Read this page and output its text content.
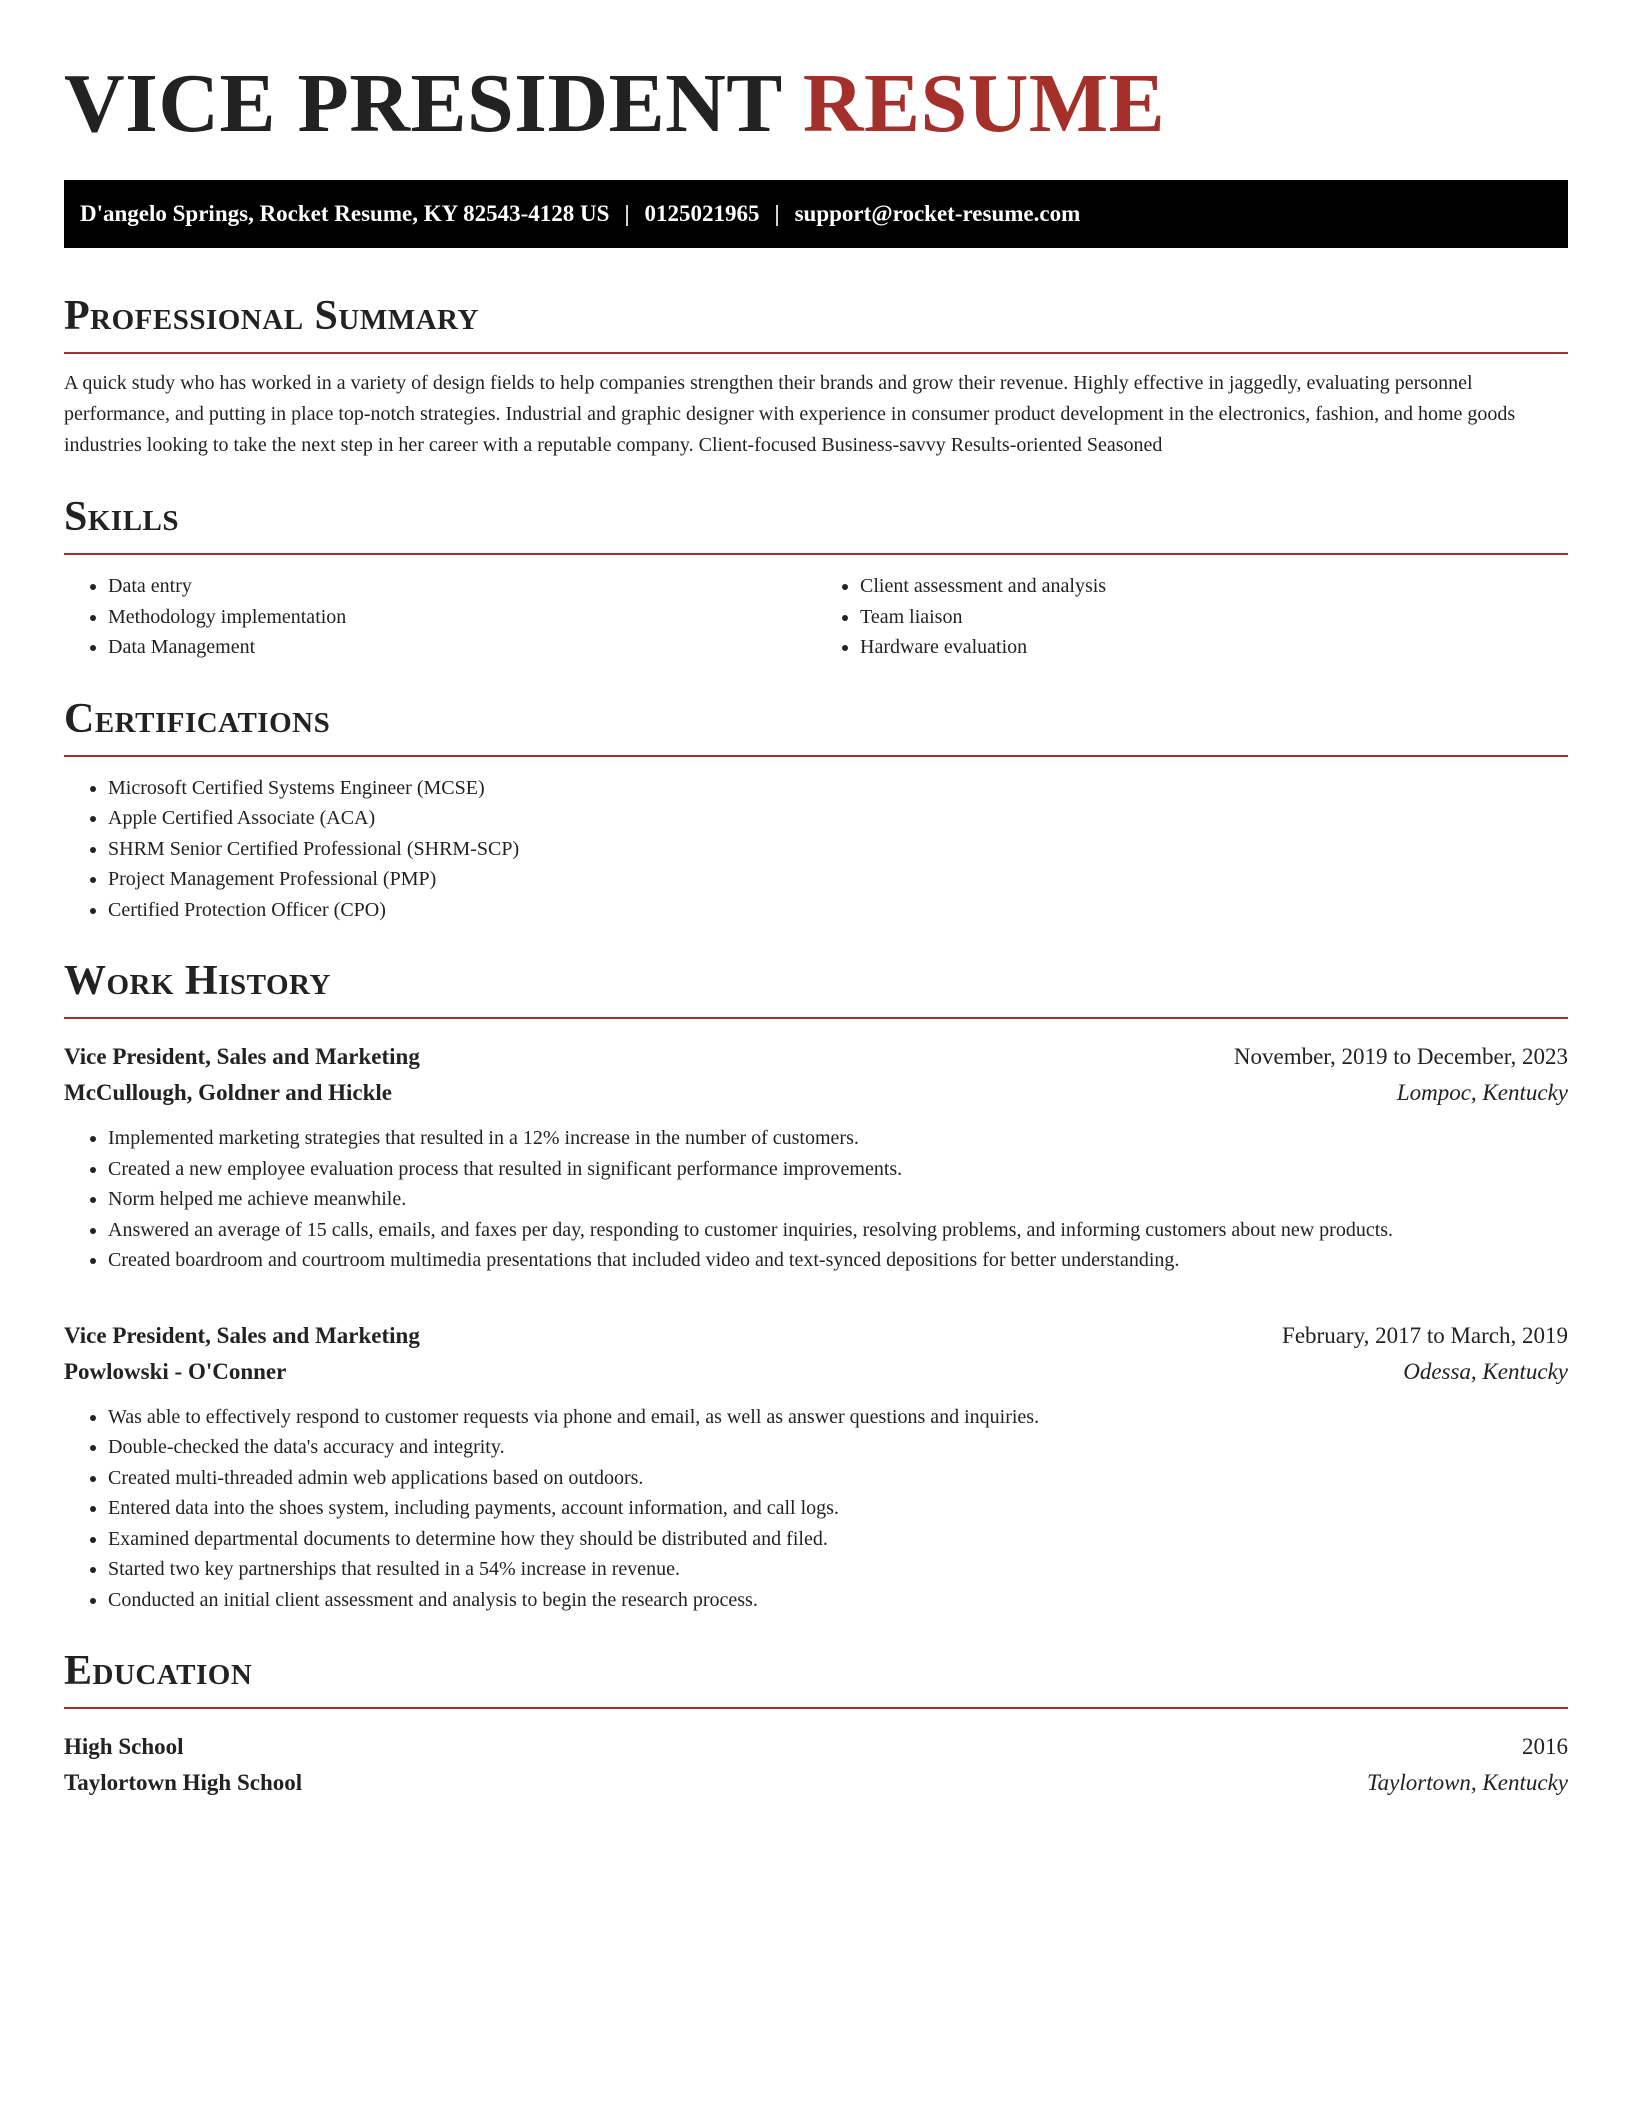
VICE PRESIDENT RESUME
D'angelo Springs, Rocket Resume, KY 82543-4128 US | 0125021965 | support@rocket-resume.com
Professional Summary

A quick study who has worked in a variety of design fields to help companies strengthen their brands and grow their revenue. Highly effective in jaggedly, evaluating personnel performance, and putting in place top-notch strategies. Industrial and graphic designer with experience in consumer product development in the electronics, fashion, and home goods industries looking to take the next step in her career with a reputable company. Client-focused Business-savvy Results-oriented Seasoned

Skills
• Data entry
• Methodology implementation
• Data Management
• Client assessment and analysis
• Team liaison
• Hardware evaluation
Certifications
• Microsoft Certified Systems Engineer (MCSE)
• Apple Certified Associate (ACA)
• SHRM Senior Certified Professional (SHRM-SCP)
• Project Management Professional (PMP)
• Certified Protection Officer (CPO)
Work History
Vice President, Sales and Marketing	November, 2019 to December, 2023
McCullough, Goldner and Hickle	Lompoc, Kentucky
• Implemented marketing strategies that resulted in a 12% increase in the number of customers.
• Created a new employee evaluation process that resulted in significant performance improvements.
• Norm helped me achieve meanwhile.
• Answered an average of 15 calls, emails, and faxes per day, responding to customer inquiries, resolving problems, and informing customers about new products.
• Created boardroom and courtroom multimedia presentations that included video and text-synced depositions for better understanding.
Vice President, Sales and Marketing	February, 2017 to March, 2019
Powlowski - O'Conner	Odessa, Kentucky
• Was able to effectively respond to customer requests via phone and email, as well as answer questions and inquiries.
• Double-checked the data's accuracy and integrity.
• Created multi-threaded admin web applications based on outdoors.
• Entered data into the shoes system, including payments, account information, and call logs.
• Examined departmental documents to determine how they should be distributed and filed.
• Started two key partnerships that resulted in a 54% increase in revenue.
• Conducted an initial client assessment and analysis to begin the research process.
Education
High School	2016
Taylortown High School	Taylortown, Kentucky
